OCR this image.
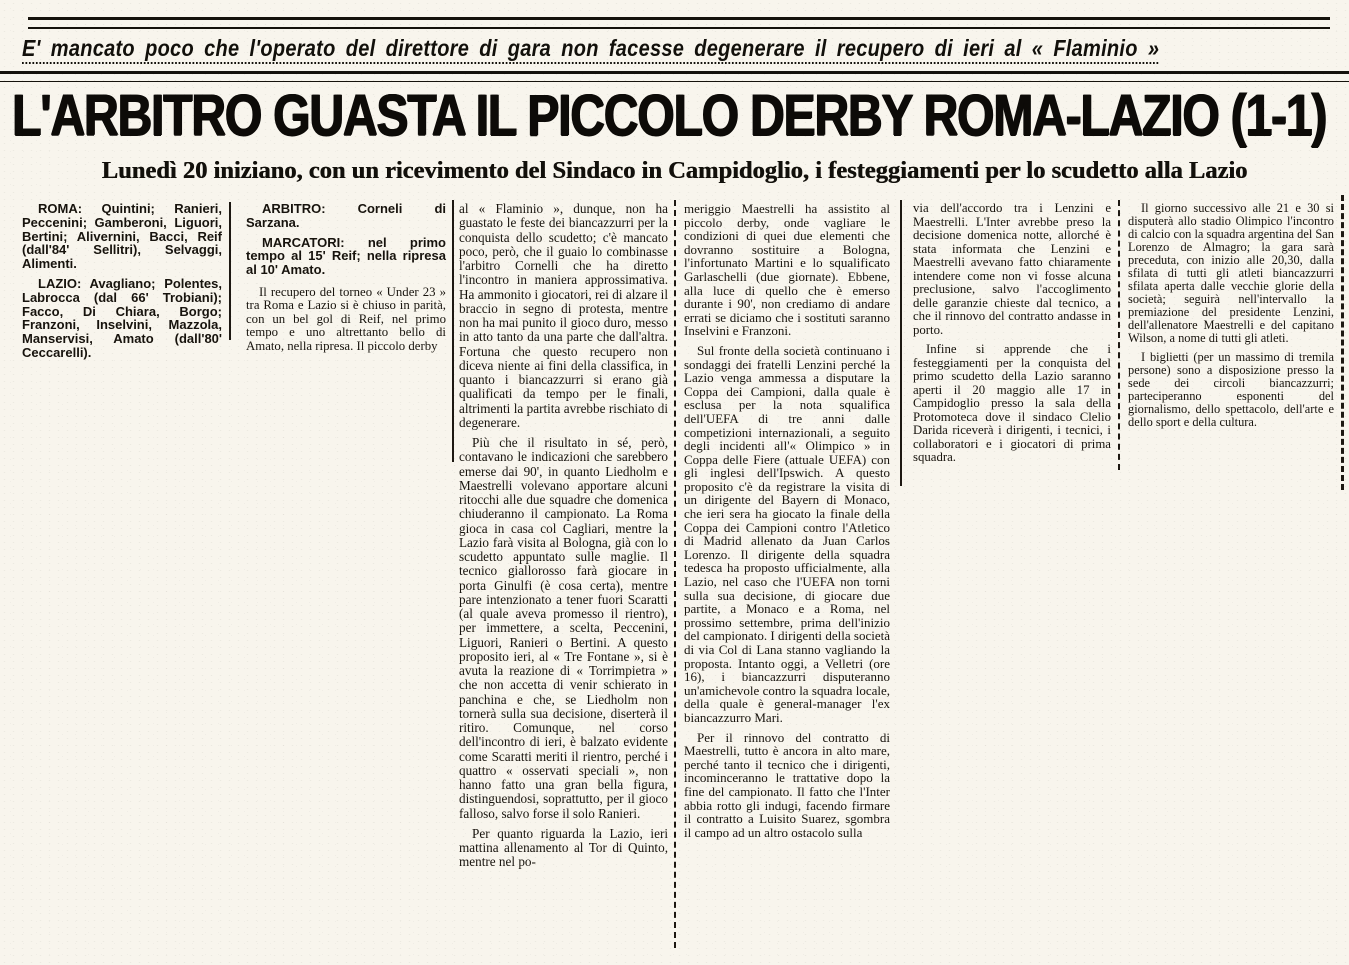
E' mancato poco che l'operato del direttore di gara non facesse degenerare il recupero di ieri al « Flaminio »
L'ARBITRO GUASTA IL PICCOLO DERBY ROMA-LAZIO (1-1)
Lunedì 20 iniziano, con un ricevimento del Sindaco in Campidoglio, i festeggiamenti per lo scudetto alla Lazio

ROMA: Quintini; Ranieri, Peccenini; Gamberoni, Liguori, Bertini; Alivernini, Bacci, Reif (dall'84' Sellitri), Selvaggi, Alimenti.

LAZIO: Avagliano; Polentes, Labrocca (dal 66' Trobiani); Facco, Di Chiara, Borgo; Franzoni, Inselvini, Mazzola, Manservisi, Amato (dall'80' Ceccarelli).

ARBITRO: Corneli di Sarzana.

MARCATORI: nel primo tempo al 15' Reif; nella ripresa al 10' Amato.

Il recupero del torneo « Under 23 » tra Roma e Lazio si è chiuso in parità, con un bel gol di Reif, nel primo tempo e uno altrettanto bello di Amato, nella ripresa. Il piccolo derby

al « Flaminio », dunque, non ha guastato le feste dei biancazzurri per la conquista dello scudetto; c'è mancato poco, però, che il guaio lo combinasse l'arbitro Cornelli che ha diretto l'incontro in maniera approssimativa. Ha ammonito i giocatori, rei di alzare il braccio in segno di protesta, mentre non ha mai punito il gioco duro, messo in atto tanto da una parte che dall'altra. Fortuna che questo recupero non diceva niente ai fini della classifica, in quanto i biancazzurri si erano già qualificati da tempo per le finali, altrimenti la partita avrebbe rischiato di degenerare.

Più che il risultato in sé, però, contavano le indicazioni che sarebbero emerse dai 90', in quanto Liedholm e Maestrelli volevano apportare alcuni ritocchi alle due squadre che domenica chiuderanno il campionato. La Roma gioca in casa col Cagliari, mentre la Lazio farà visita al Bologna, già con lo scudetto appuntato sulle maglie. Il tecnico giallorosso farà giocare in porta Ginulfi (è cosa certa), mentre pare intenzionato a tener fuori Scaratti (al quale aveva promesso il rientro), per immettere, a scelta, Peccenini, Liguori, Ranieri o Bertini. A questo proposito ieri, al « Tre Fontane », si è avuta la reazione di « Torrimpietra » che non accetta di venir schierato in panchina e che, se Liedholm non tornerà sulla sua decisione, diserterà il ritiro. Comunque, nel corso dell'incontro di ieri, è balzato evidente come Scaratti meriti il rientro, perché i quattro « osservati speciali », non hanno fatto una gran bella figura, distinguendosi, soprattutto, per il gioco falloso, salvo forse il solo Ranieri.

Per quanto riguarda la Lazio, ieri mattina allenamento al Tor di Quinto, mentre nel po-

meriggio Maestrelli ha assistito al piccolo derby, onde vagliare le condizioni di quei due elementi che dovranno sostituire a Bologna, l'infortunato Martini e lo squalificato Garlaschelli (due giornate). Ebbene, alla luce di quello che è emerso durante i 90', non crediamo di andare errati se diciamo che i sostituti saranno Inselvini e Franzoni.

Sul fronte della società continuano i sondaggi dei fratelli Lenzini perché la Lazio venga ammessa a disputare la Coppa dei Campioni, dalla quale è esclusa per la nota squalifica dell'UEFA di tre anni dalle competizioni internazionali, a seguito degli incidenti all'« Olimpico » in Coppa delle Fiere (attuale UEFA) con gli inglesi dell'Ipswich. A questo proposito c'è da registrare la visita di un dirigente del Bayern di Monaco, che ieri sera ha giocato la finale della Coppa dei Campioni contro l'Atletico di Madrid allenato da Juan Carlos Lorenzo. Il dirigente della squadra tedesca ha proposto ufficialmente, alla Lazio, nel caso che l'UEFA non torni sulla sua decisione, di giocare due partite, a Monaco e a Roma, nel prossimo settembre, prima dell'inizio del campionato. I dirigenti della società di via Col di Lana stanno vagliando la proposta. Intanto oggi, a Velletri (ore 16), i biancazzurri disputeranno un'amichevole contro la squadra locale, della quale è general-manager l'ex biancazzurro Mari.

Per il rinnovo del contratto di Maestrelli, tutto è ancora in alto mare, perché tanto il tecnico che i dirigenti, incominceranno le trattative dopo la fine del campionato. Il fatto che l'Inter abbia rotto gli indugi, facendo firmare il contratto a Luisito Suarez, sgombra il campo ad un altro ostacolo sulla

via dell'accordo tra i Lenzini e Maestrelli. L'Inter avrebbe preso la decisione domenica notte, allorché è stata informata che Lenzini e Maestrelli avevano fatto chiaramente intendere come non vi fosse alcuna preclusione, salvo l'accoglimento delle garanzie chieste dal tecnico, a che il rinnovo del contratto andasse in porto.

Infine si apprende che i festeggiamenti per la conquista del primo scudetto della Lazio saranno aperti il 20 maggio alle 17 in Campidoglio presso la sala della Protomoteca dove il sindaco Clelio Darida riceverà i dirigenti, i tecnici, i collaboratori e i giocatori di prima squadra.

Il giorno successivo alle 21 e 30 si disputerà allo stadio Olimpico l'incontro di calcio con la squadra argentina del San Lorenzo de Almagro; la gara sarà preceduta, con inizio alle 20,30, dalla sfilata di tutti gli atleti biancazzurri sfilata aperta dalle vecchie glorie della società; seguirà nell'intervallo la premiazione del presidente Lenzini, dell'allenatore Maestrelli e del capitano Wilson, a nome di tutti gli atleti.

I biglietti (per un massimo di tremila persone) sono a disposizione presso la sede dei circoli biancazzurri; parteciperanno esponenti del giornalismo, dello spettacolo, dell'arte e dello sport e della cultura.
